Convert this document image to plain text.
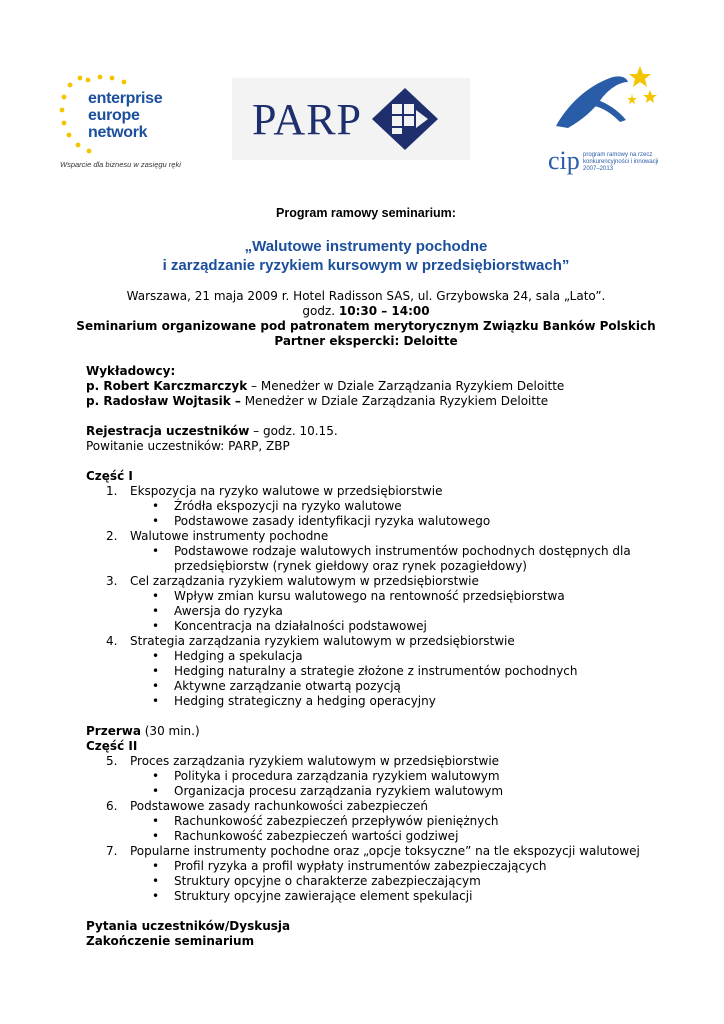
enterprise
europe
network
Wsparcie dla biznesu w zasięgu ręki
PARP
cip program ramowy na rzecz
konkurencyjności i innowacji
2007–2013

Program ramowy seminarium:

„Walutowe instrumenty pochodne

i zarządzanie ryzykiem kursowym w przedsiębiorstwach”

Warszawa, 21 maja 2009 r. Hotel Radisson SAS, ul. Grzybowska 24, sala „Lato”.

godz. 10:30 – 14:00

Seminarium organizowane pod patronatem merytorycznym Związku Banków Polskich

Partner ekspercki: Deloitte

Wykładowcy:

p. Robert Karczmarczyk – Menedżer w Dziale Zarządzania Ryzykiem Deloitte

p. Radosław Wojtasik – Menedżer w Dziale Zarządzania Ryzykiem Deloitte

Rejestracja uczestników – godz. 10.15.

Powitanie uczestników: PARP, ZBP

Część I

1. Ekspozycja na ryzyko walutowe w przedsiębiorstwie
• Źródła ekspozycji na ryzyko walutowe
• Podstawowe zasady identyfikacji ryzyka walutowego
2. Walutowe instrumenty pochodne
• Podstawowe rodzaje walutowych instrumentów pochodnych dostępnych dla przedsiębiorstw (rynek giełdowy oraz rynek pozagiełdowy)
3. Cel zarządzania ryzykiem walutowym w przedsiębiorstwie
• Wpływ zmian kursu walutowego na rentowność przedsiębiorstwa
• Awersja do ryzyka
• Koncentracja na działalności podstawowej
4. Strategia zarządzania ryzykiem walutowym w przedsiębiorstwie
• Hedging a spekulacja
• Hedging naturalny a strategie złożone z instrumentów pochodnych
• Aktywne zarządzanie otwartą pozycją
• Hedging strategiczny a hedging operacyjny

Przerwa (30 min.)

Część II

5. Proces zarządzania ryzykiem walutowym w przedsiębiorstwie
• Polityka i procedura zarządzania ryzykiem walutowym
• Organizacja procesu zarządzania ryzykiem walutowym
6. Podstawowe zasady rachunkowości zabezpieczeń
• Rachunkowość zabezpieczeń przepływów pieniężnych
• Rachunkowość zabezpieczeń wartości godziwej
7. Popularne instrumenty pochodne oraz „opcje toksyczne” na tle ekspozycji walutowej
• Profil ryzyka a profil wypłaty instrumentów zabezpieczających
• Struktury opcyjne o charakterze zabezpieczającym
• Struktury opcyjne zawierające element spekulacji

Pytania uczestników/Dyskusja

Zakończenie seminarium
